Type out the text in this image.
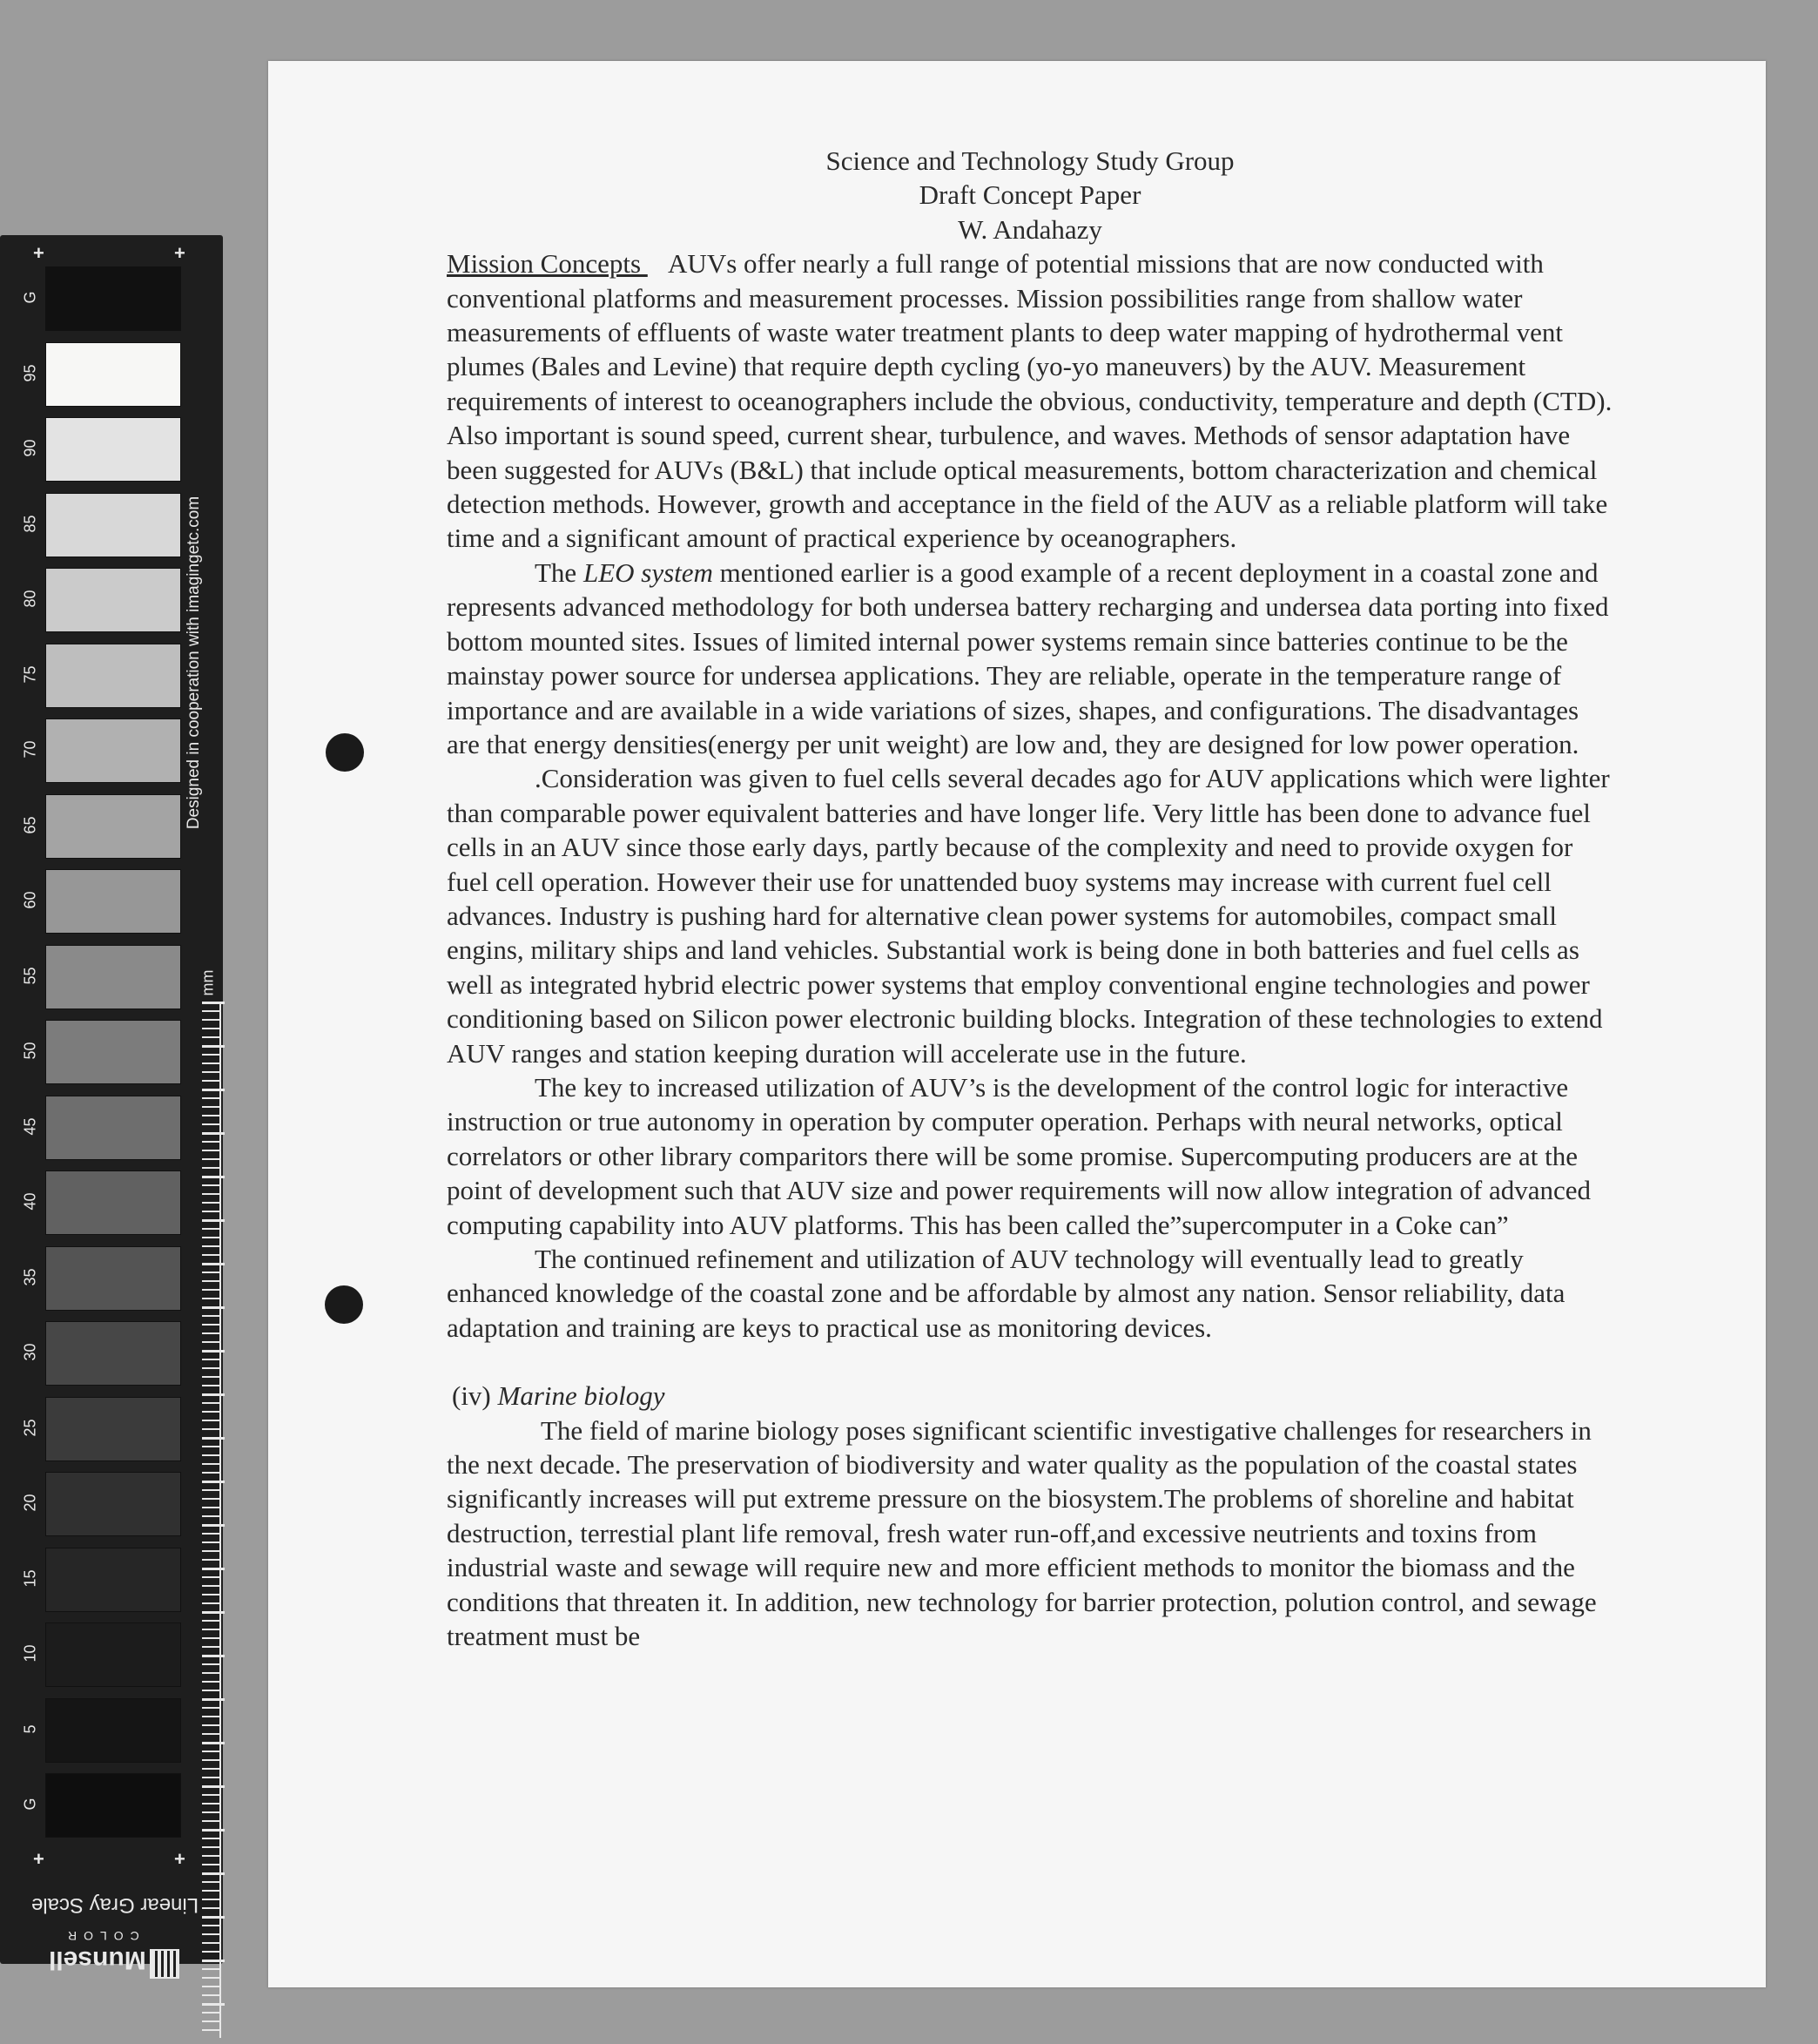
mm
Designed in cooperation with imagingetc.com
Linear Gray Scale
COLOR
Munsell
G
95
90
85
80
75
70
65
60
55
50
45
40
35
30
25
20
15
10
5
G
+	+
+	+
Science and Technology Study Group
Draft Concept Paper
W. Andahazy

Mission Concepts    AUVs offer nearly a full range of potential missions that are now conducted with conventional platforms and measurement processes. Mission possibilities range from shallow water measurements of effluents of waste water treatment plants to deep water mapping of hydrothermal vent plumes (Bales and Levine) that require depth cycling (yo-yo maneuvers) by the AUV. Measurement requirements of interest to oceanographers include the obvious, conductivity, temperature and depth (CTD). Also important is sound speed, current shear, turbulence, and waves. Methods of sensor adaptation have been suggested for AUVs (B&L) that include optical measurements, bottom characterization and chemical detection methods. However, growth and acceptance in the field of the AUV as a reliable platform will take time and a significant amount of practical experience by oceanographers.

The LEO system mentioned earlier is a good example of a recent deployment in a coastal zone and represents advanced methodology for both undersea battery recharging and undersea data porting into fixed bottom mounted sites. Issues of limited internal power systems remain since batteries continue to be the mainstay power source for undersea applications. They are reliable, operate in the temperature range of importance and are available in a wide variations of sizes, shapes, and configurations. The disadvantages are that energy densities(energy per unit weight) are low and, they are designed for low power operation.

.Consideration was given to fuel cells several decades ago for AUV applications which were lighter than comparable power equivalent batteries and have longer life. Very little has been done to advance fuel cells in an AUV since those early days, partly because of the complexity and need to provide oxygen for fuel cell operation. However their use for unattended buoy systems may increase with current fuel cell advances. Industry is pushing hard for alternative clean power systems for automobiles, compact small engins, military ships and land vehicles. Substantial work is being done in both batteries and fuel cells as well as integrated hybrid electric power systems that employ conventional engine technologies and power conditioning based on Silicon power electronic building blocks. Integration of these technologies to extend AUV ranges and station keeping duration will accelerate use in the future.

The key to increased utilization of AUV’s is the development of the control logic for interactive instruction or true autonomy in operation by computer operation. Perhaps with neural networks, optical correlators or other library comparitors there will be some promise. Supercomputing producers are at the point of development such that AUV size and power requirements will now allow integration of advanced computing capability into AUV platforms. This has been called the”supercomputer in a Coke can”

The continued refinement and utilization of AUV technology will eventually lead to greatly enhanced knowledge of the coastal zone and be affordable by almost any nation. Sensor reliability, data adaptation and training are keys to practical use as monitoring devices.

(iv) Marine biology

The field of marine biology poses significant scientific investigative challenges for researchers in the next decade. The preservation of biodiversity and water quality as the population of the coastal states significantly increases will put extreme pressure on the biosystem.The problems of shoreline and habitat destruction, terrestial plant life removal, fresh water run-off,and excessive neutrients and toxins from industrial waste and sewage will require new and more efficient methods to monitor the biomass and the conditions that threaten it. In addition, new technology for barrier protection, polution control, and sewage treatment must be
